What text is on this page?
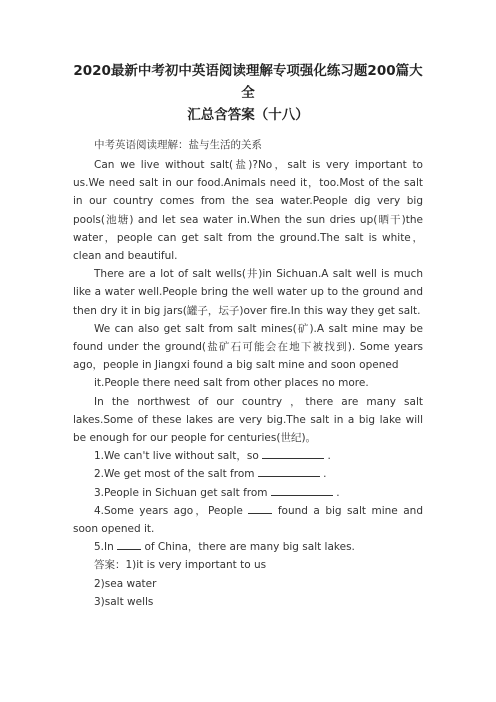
2020最新中考初中英语阅读理解专项强化练习题200篇大全
汇总含答案（十八）

中考英语阅读理解：盐与生活的关系

Can we live without salt(盐)?No，salt is very important to us.We need salt in our food.Animals need it，too.Most of the salt in our country comes from the sea water.People dig very big pools(池塘) and let sea water in.When the sun dries up(晒干)the water，people can get salt from the ground.The salt is white，clean and beautiful.

There are a lot of salt wells(井)in Sichuan.A salt well is much like a water well.People bring the well water up to the ground and then dry it in big jars(罐子，坛子)over fire.In this way they get salt.

We can also get salt from salt mines(矿).A salt mine may be found under the ground(盐矿石可能会在地下被找到). Some years ago，people in Jiangxi found a big salt mine and soon opened

it.People there need salt from other places no more.

In the northwest of our country ，there are many salt lakes.Some of these lakes are very big.The salt in a big lake will be enough for our people for centuries(世纪)。

1.We can't live without salt，so	.

2.We get most of the salt from	.

3.People in Sichuan get salt from	.

4.Some years ago，People  found a big salt mine and soon opened it.

5.In  of China，there are many big salt lakes.

答案：1)it is very important to us

2)sea water

3)salt wells
